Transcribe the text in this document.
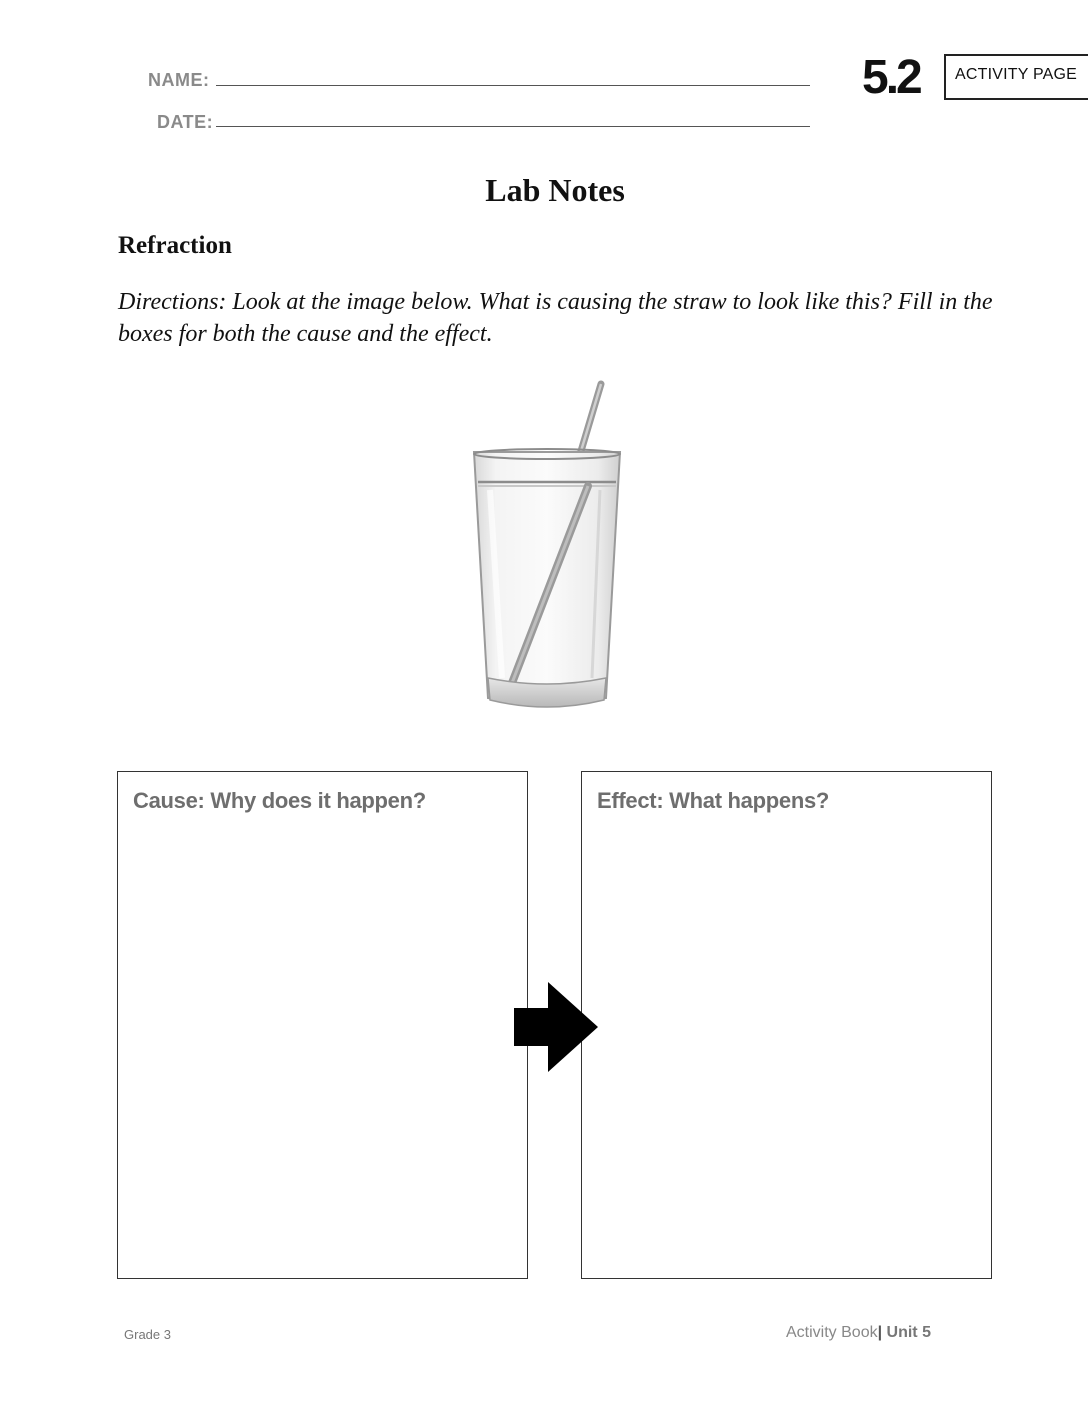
NAME:
DATE:
5.2 ACTIVITY PAGE
Lab Notes
Refraction
Directions: Look at the image below. What is causing the straw to look like this? Fill in the boxes for both the cause and the effect.
Cause: Why does it happen?	Effect: What happens?
Grade 3	Activity Book| Unit 5
